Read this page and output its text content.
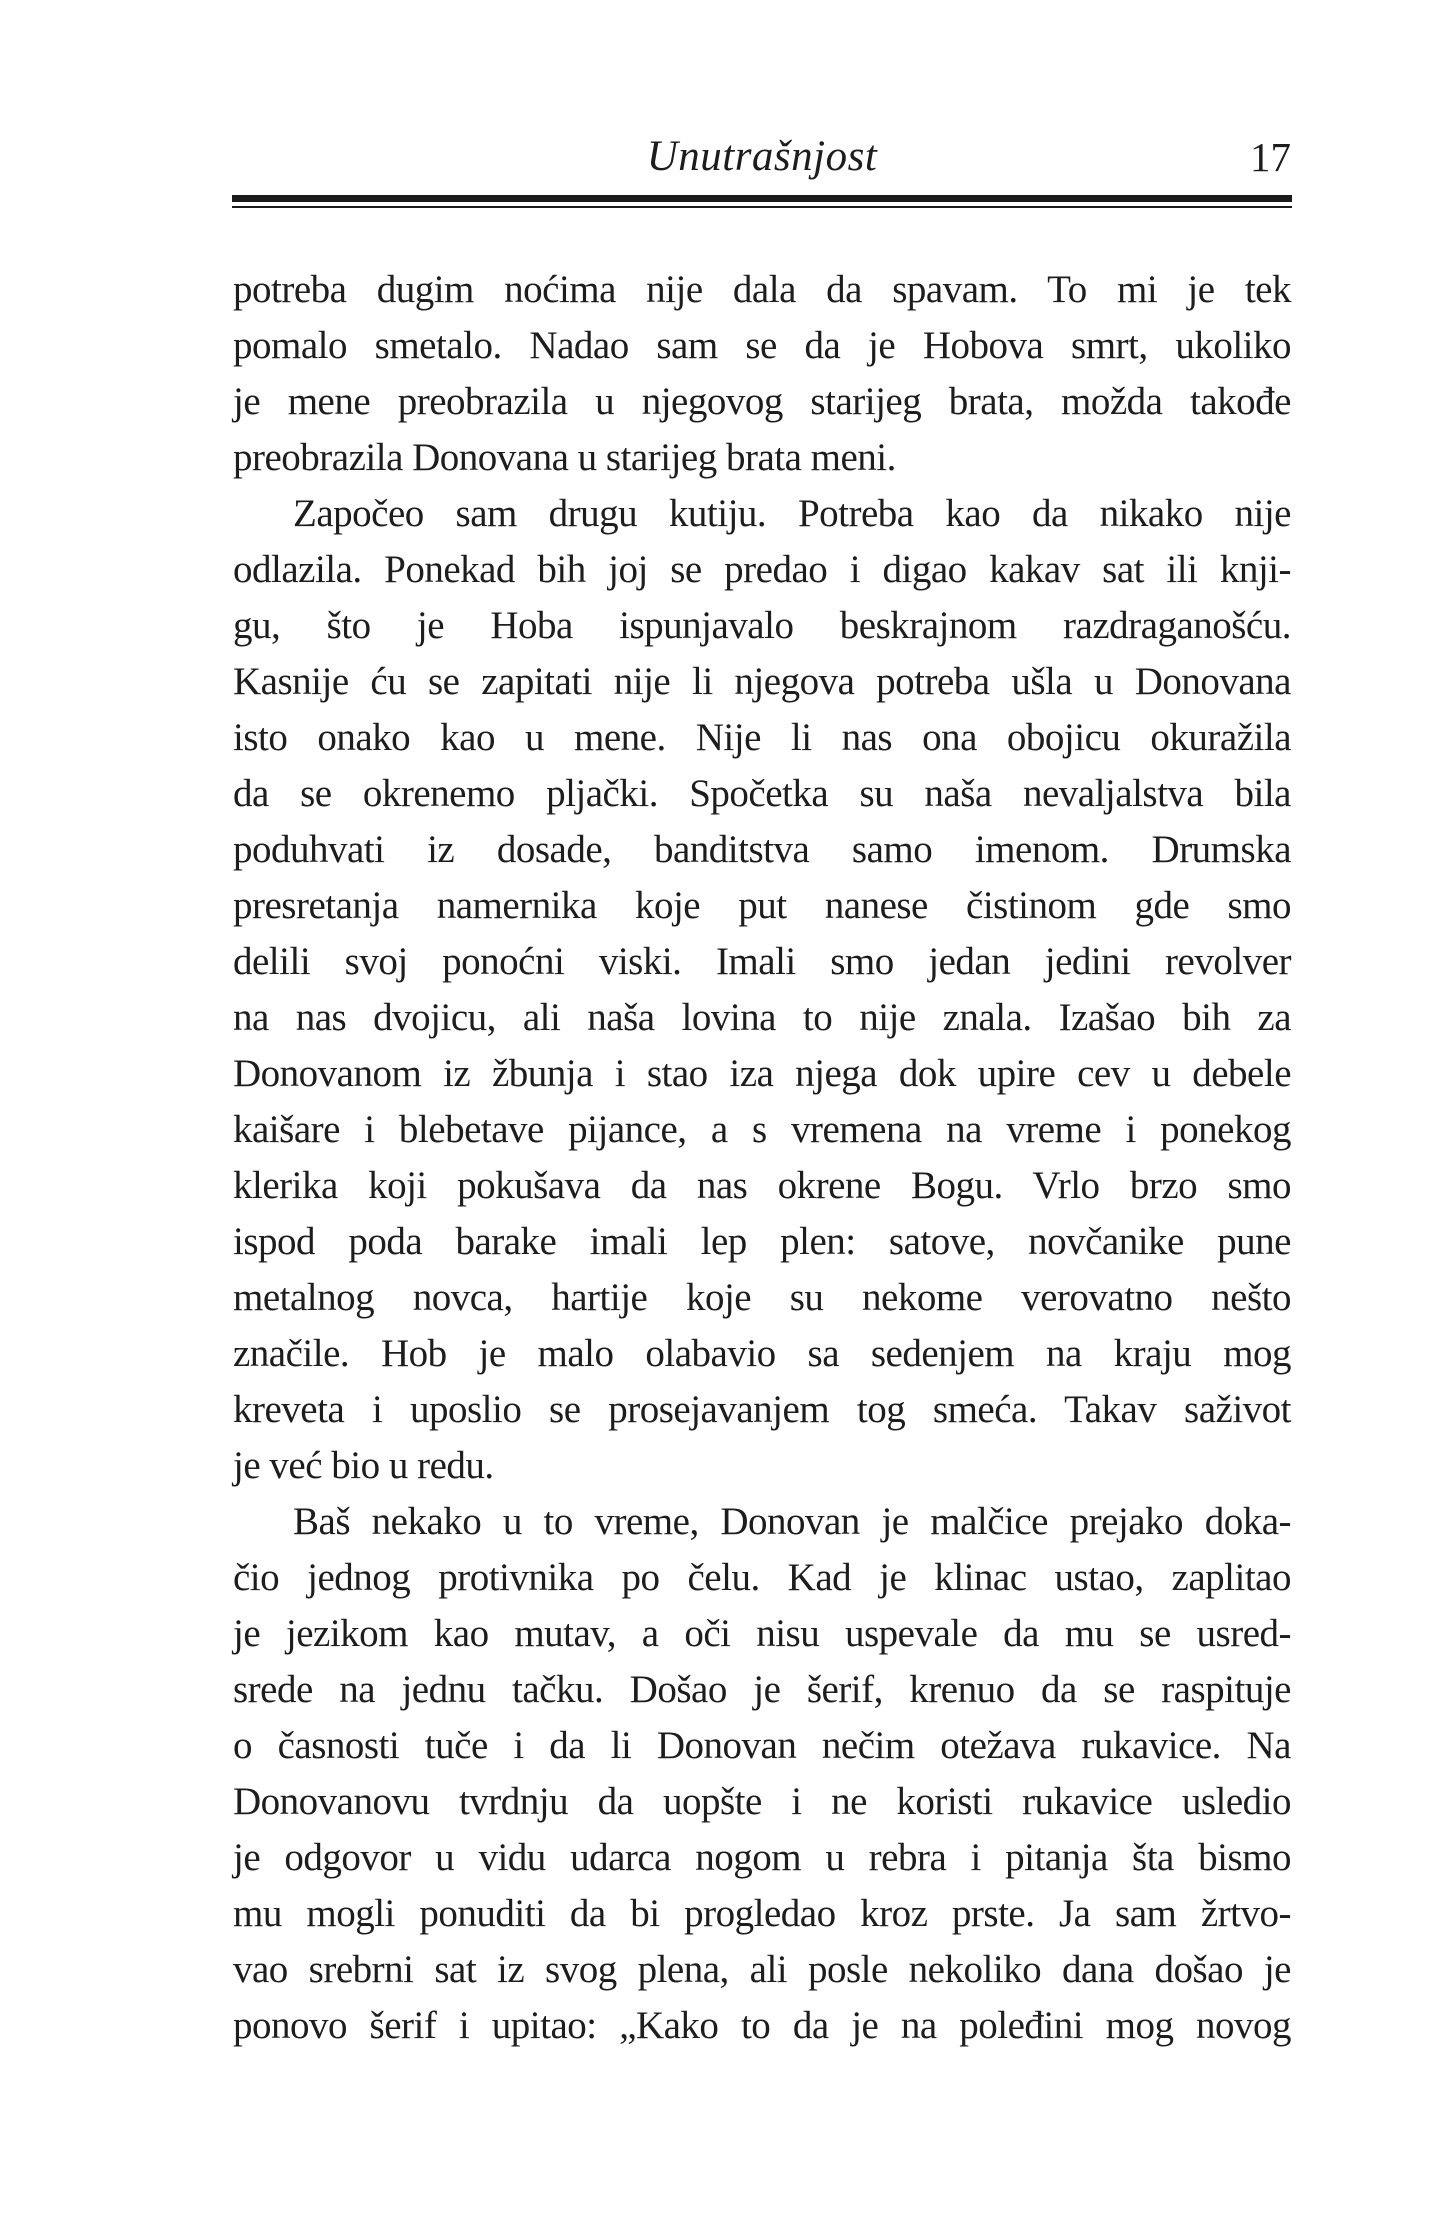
Unutrašnjost	17
potreba dugim noćima nije dala da spavam. To mi je tek
pomalo smetalo. Nadao sam se da je Hobova smrt, ukoliko
je mene preobrazila u njegovog starijeg brata, možda takođe
preobrazila Donovana u starijeg brata meni.
Započeo sam drugu kutiju. Potreba kao da nikako nije
odlazila. Ponekad bih joj se predao i digao kakav sat ili knji-
gu, što je Hoba ispunjavalo beskrajnom razdraganošću.
Kasnije ću se zapitati nije li njegova potreba ušla u Donovana
isto onako kao u mene. Nije li nas ona obojicu okuražila
da se okrenemo pljački. Spočetka su naša nevaljalstva bila
poduhvati iz dosade, banditstva samo imenom. Drumska
presretanja namernika koje put nanese čistinom gde smo
delili svoj ponoćni viski. Imali smo jedan jedini revolver
na nas dvojicu, ali naša lovina to nije znala. Izašao bih za
Donovanom iz žbunja i stao iza njega dok upire cev u debele
kaišare i blebetave pijance, a s vremena na vreme i ponekog
klerika koji pokušava da nas okrene Bogu. Vrlo brzo smo
ispod poda barake imali lep plen: satove, novčanike pune
metalnog novca, hartije koje su nekome verovatno nešto
značile. Hob je malo olabavio sa sedenjem na kraju mog
kreveta i uposlio se prosejavanjem tog smeća. Takav saživot
je već bio u redu.
Baš nekako u to vreme, Donovan je malčice prejako doka-
čio jednog protivnika po čelu. Kad je klinac ustao, zaplitao
je jezikom kao mutav, a oči nisu uspevale da mu se usred-
srede na jednu tačku. Došao je šerif, krenuo da se raspituje
o časnosti tuče i da li Donovan nečim otežava rukavice. Na
Donovanovu tvrdnju da uopšte i ne koristi rukavice usledio
je odgovor u vidu udarca nogom u rebra i pitanja šta bismo
mu mogli ponuditi da bi progledao kroz prste. Ja sam žrtvo-
vao srebrni sat iz svog plena, ali posle nekoliko dana došao je
ponovo šerif i upitao: „Kako to da je na poleđini mog novog
